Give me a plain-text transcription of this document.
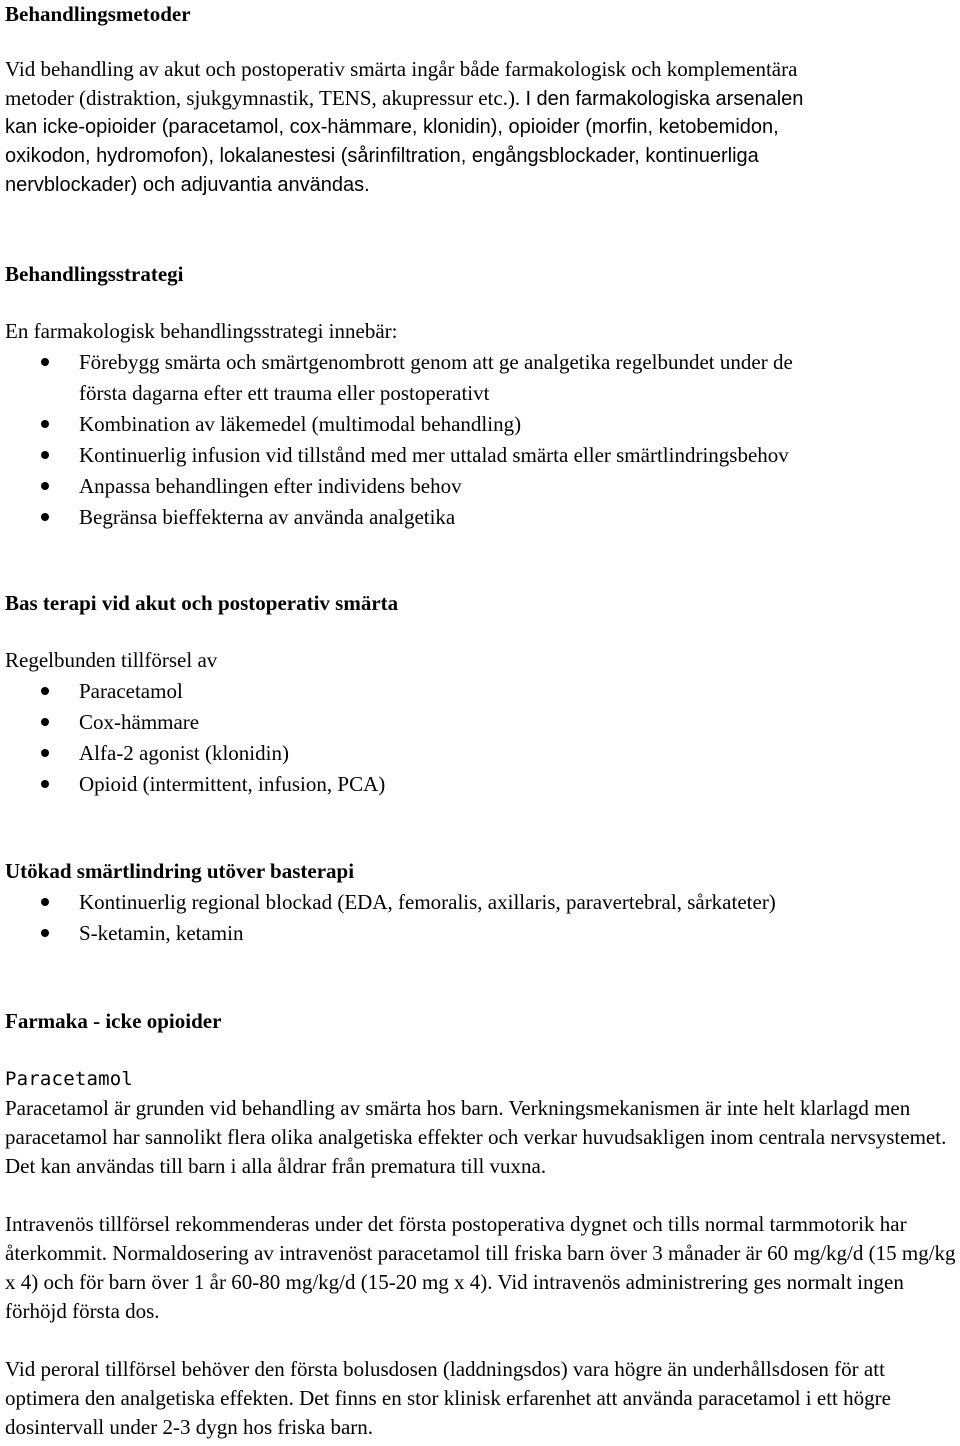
Behandlingsmetoder
Vid behandling av akut och postoperativ smärta ingår både farmakologisk och komplementära
metoder (distraktion, sjukgymnastik, TENS, akupressur etc.). I den farmakologiska arsenalen
kan icke-opioider (paracetamol, cox-hämmare, klonidin), opioider (morfin, ketobemidon,
oxikodon, hydromofon), lokalanestesi (sårinfiltration, engångsblockader, kontinuerliga
nervblockader) och adjuvantia användas.
Behandlingsstrategi
En farmakologisk behandlingsstrategi innebär:
Förebygg smärta och smärtgenombrott genom att ge analgetika regelbundet under de
första dagarna efter ett trauma eller postoperativt
Kombination av läkemedel (multimodal behandling)
Kontinuerlig infusion vid tillstånd med mer uttalad smärta eller smärtlindringsbehov
Anpassa behandlingen efter individens behov
Begränsa bieffekterna av använda analgetika
Bas terapi vid akut och postoperativ smärta
Regelbunden tillförsel av
Paracetamol
Cox-hämmare
Alfa-2 agonist (klonidin)
Opioid (intermittent, infusion, PCA)
Utökad smärtlindring utöver basterapi
Kontinuerlig regional blockad (EDA, femoralis, axillaris, paravertebral, sårkateter)
S-ketamin, ketamin
Farmaka - icke opioider
Paracetamol

Paracetamol är grunden vid behandling av smärta hos barn. Verkningsmekanismen är inte helt klarlagd men paracetamol har sannolikt flera olika analgetiska effekter och verkar huvudsakligen inom centrala nervsystemet. Det kan användas till barn i alla åldrar från prematura till vuxna.

Intravenös tillförsel rekommenderas under det första postoperativa dygnet och tills normal tarmmotorik har återkommit. Normaldosering av intravenöst paracetamol till friska barn över 3 månader är 60 mg/kg/d (15 mg/kg x 4) och för barn över 1 år 60-80 mg/kg/d (15-20 mg x 4). Vid intravenös administrering ges normalt ingen förhöjd första dos.

Vid peroral tillförsel behöver den första bolusdosen (laddningsdos) vara högre än underhållsdosen för att optimera den analgetiska effekten. Det finns en stor klinisk erfarenhet att använda paracetamol i ett högre dosintervall under 2-3 dygn hos friska barn.
